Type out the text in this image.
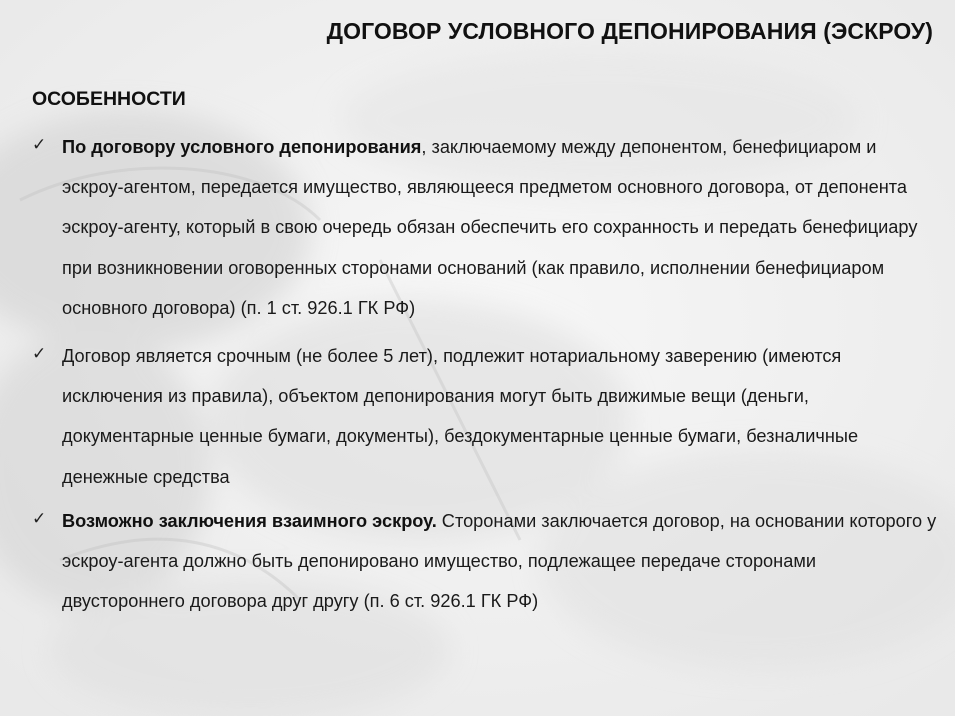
ДОГОВОР УСЛОВНОГО ДЕПОНИРОВАНИЯ (ЭСКРОУ)
ОСОБЕННОСТИ
✓ По договору условного депонирования, заключаемому между депонентом, бенефициаром и эскроу-агентом, передается имущество, являющееся предметом основного договора, от депонента эскроу-агенту, который в свою очередь обязан обеспечить его сохранность и передать бенефициару при возникновении оговоренных сторонами оснований (как правило, исполнении бенефициаром основного договора) (п. 1 ст. 926.1 ГК РФ)
✓ Договор является срочным (не более 5 лет), подлежит нотариальному заверению (имеются исключения из правила), объектом депонирования могут быть движимые вещи (деньги, документарные ценные бумаги, документы), бездокументарные ценные бумаги, безналичные денежные средства
✓ Возможно заключения взаимного эскроу. Сторонами заключается договор, на основании которого у эскроу-агента должно быть депонировано имущество, подлежащее передаче сторонами двустороннего договора друг другу (п. 6 ст. 926.1 ГК РФ)
